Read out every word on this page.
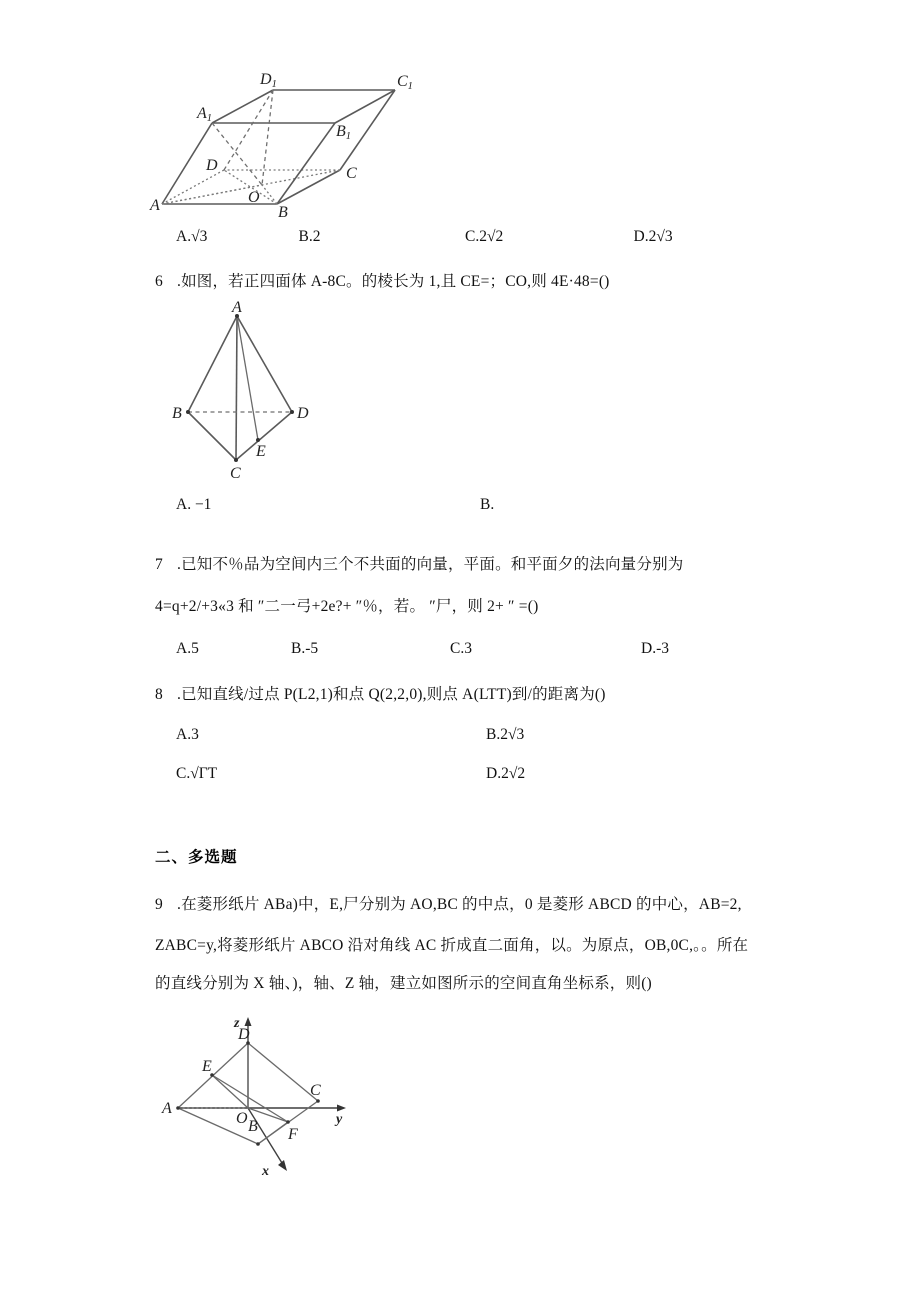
A	B
C
D
O
A1
B1
C1
D1
A.√3	B.2	C.2√2	D.2√3
6 .如图，若正四面体 A-8C。的棱长为 1,且 CE=；CO,则 4E·48=()
A
B	D
C
E
A. −1	B.
7 .已知不％品为空间内三个不共面的向量，平面。和平面夕的法向量分别为
4=q+2/+3«3 和 ″二一弓+2e?+ ″％，若。 ″尸，则 2+ ″ =()
A.5	B.-5	C.3	D.-3
8 .已知直线/过点 P(L2,1)和点 Q(2,2,0),则点 A(LTT)到/的距离为()
A.3	B.2√3
C.√ΓT	D.2√2
二、多选题
9 .在菱形纸片 ABa)中，E,尸分别为 AO,BC 的中点，0 是菱形 ABCD 的中心，AB=2,
ZABC=y,将菱形纸片 ABCO 沿对角线 AC 折成直二面角，以。为原点，OB,0C,。。所在
的直线分别为 X 轴、)，轴、Z 轴，建立如图所示的空间直角坐标系，则()
A
B
C
D
E
F
O
z
y
x
